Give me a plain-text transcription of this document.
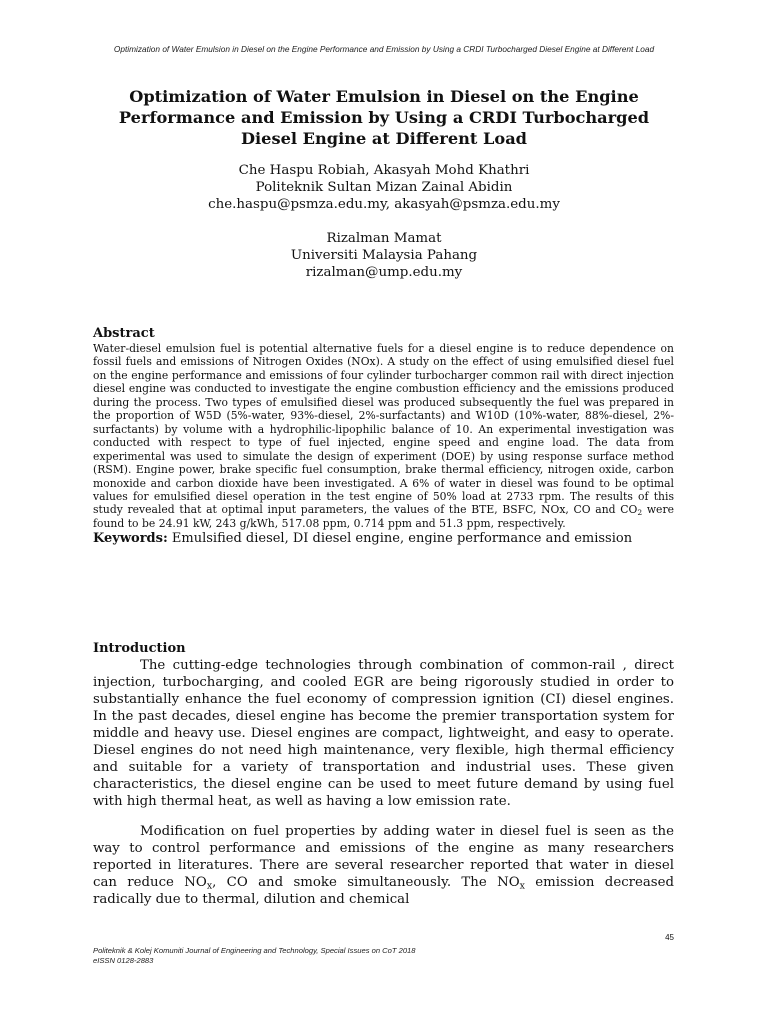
Optimization of Water Emulsion in Diesel on the Engine Performance and Emission by Using a CRDI Turbocharged Diesel Engine at Different Load
Optimization of Water Emulsion in Diesel on the Engine
Performance and Emission by Using a CRDI Turbocharged
Diesel Engine at Different Load
Che Haspu Robiah, Akasyah Mohd Khathri
Politeknik Sultan Mizan Zainal Abidin
che.haspu@psmza.edu.my, akasyah@psmza.edu.my
Rizalman Mamat
Universiti Malaysia Pahang
rizalman@ump.edu.my
Abstract

Water-diesel emulsion fuel is potential alternative fuels for a diesel engine is to reduce dependence on fossil fuels and emissions of Nitrogen Oxides (NOx). A study on the effect of using emulsified diesel fuel on the engine performance and emissions of four cylinder turbocharger common rail with direct injection diesel engine was conducted to investigate the engine combustion efficiency and the emissions produced during the process. Two types of emulsified diesel was produced subsequently the fuel was prepared in the proportion of W5D (5%-water, 93%-diesel, 2%-surfactants) and W10D (10%-water, 88%-diesel, 2%-surfactants) by volume with a hydrophilic-lipophilic balance of 10. An experimental investigation was conducted with respect to type of fuel injected, engine speed and engine load. The data from experimental was used to simulate the design of experiment (DOE) by using response surface method (RSM). Engine power, brake specific fuel consumption, brake thermal efficiency, nitrogen oxide, carbon monoxide and carbon dioxide have been investigated. A 6% of water in diesel was found to be optimal values for emulsified diesel operation in the test engine of 50% load at 2733 rpm. The results of this study revealed that at optimal input parameters, the values of the BTE, BSFC, NOx, CO and $CO_2$ were found to be 24.91 kW, 243 g/kWh, 517.08 ppm, 0.714 ppm and 51.3 ppm, respectively.

Keywords: Emulsified diesel, DI diesel engine, engine performance and emission

Introduction

The cutting-edge technologies through combination of common-rail , direct injection, turbocharging, and cooled EGR are being rigorously studied in order to substantially enhance the fuel economy of compression ignition (CI) diesel engines. In the past decades, diesel engine has become the premier transportation system for middle and heavy use. Diesel engines are compact, lightweight, and easy to operate. Diesel engines do not need high maintenance, very flexible, high thermal efficiency and suitable for a variety of transportation and industrial uses. These given characteristics, the diesel engine can be used to meet future demand by using fuel with high thermal heat, as well as having a low emission rate.

Modification on fuel properties by adding water in diesel fuel is seen as the way to control performance and emissions of the engine as many researchers reported in literatures. There are several researcher reported that water in diesel can reduce $NO_x$, CO and smoke simultaneously. The $NO_x$ emission decreased radically due to thermal, dilution and chemical

45
Politeknik & Kolej Komuniti Journal of Engineering and Technology, Special Issues on CoT 2018
eISSN 0128-2883
